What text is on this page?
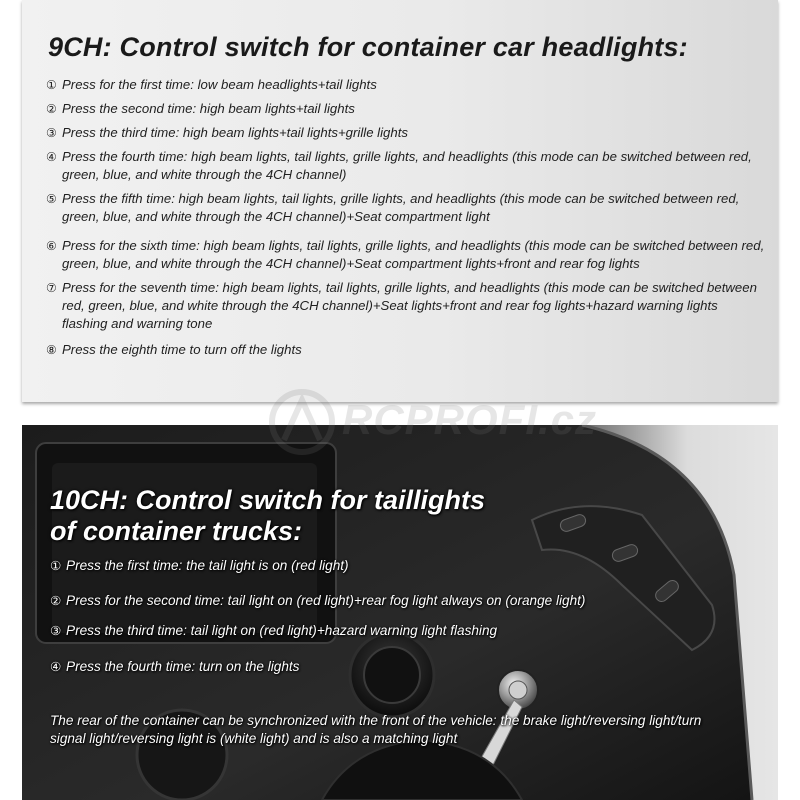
9CH: Control switch for container car headlights:
① Press for the first time: low beam headlights+tail lights
② Press the second time: high beam lights+tail lights
③ Press the third time: high beam lights+tail lights+grille lights
④ Press the fourth time: high beam lights, tail lights, grille lights, and headlights (this mode can be switched between red, green, blue, and white through the 4CH channel)
⑤ Press the fifth time: high beam lights, tail lights, grille lights, and headlights (this mode can be switched between red, green, blue, and white through the 4CH channel)+Seat compartment light
⑥ Press for the sixth time: high beam lights, tail lights, grille lights, and headlights (this mode can be switched between red, green, blue, and white through the 4CH channel)+Seat compartment lights+front and rear fog lights
⑦ Press for the seventh time: high beam lights, tail lights, grille lights, and headlights (this mode can be switched between red, green, blue, and white through the 4CH channel)+Seat lights+front and rear fog lights+hazard warning lights flashing and warning tone
⑧ Press the eighth time to turn off the lights
10CH: Control switch for taillights
of container trucks:
① Press the first time: the tail light is on (red light)
② Press for the second time: tail light on (red light)+rear fog light always on (orange light)
③ Press the third time: tail light on (red light)+hazard warning light flashing
④ Press the fourth time: turn on the lights

The rear of the container can be synchronized with the front of the vehicle: the brake light/reversing light/turn signal light/reversing light is (white light) and is also a matching light

RCPROFI.cz
